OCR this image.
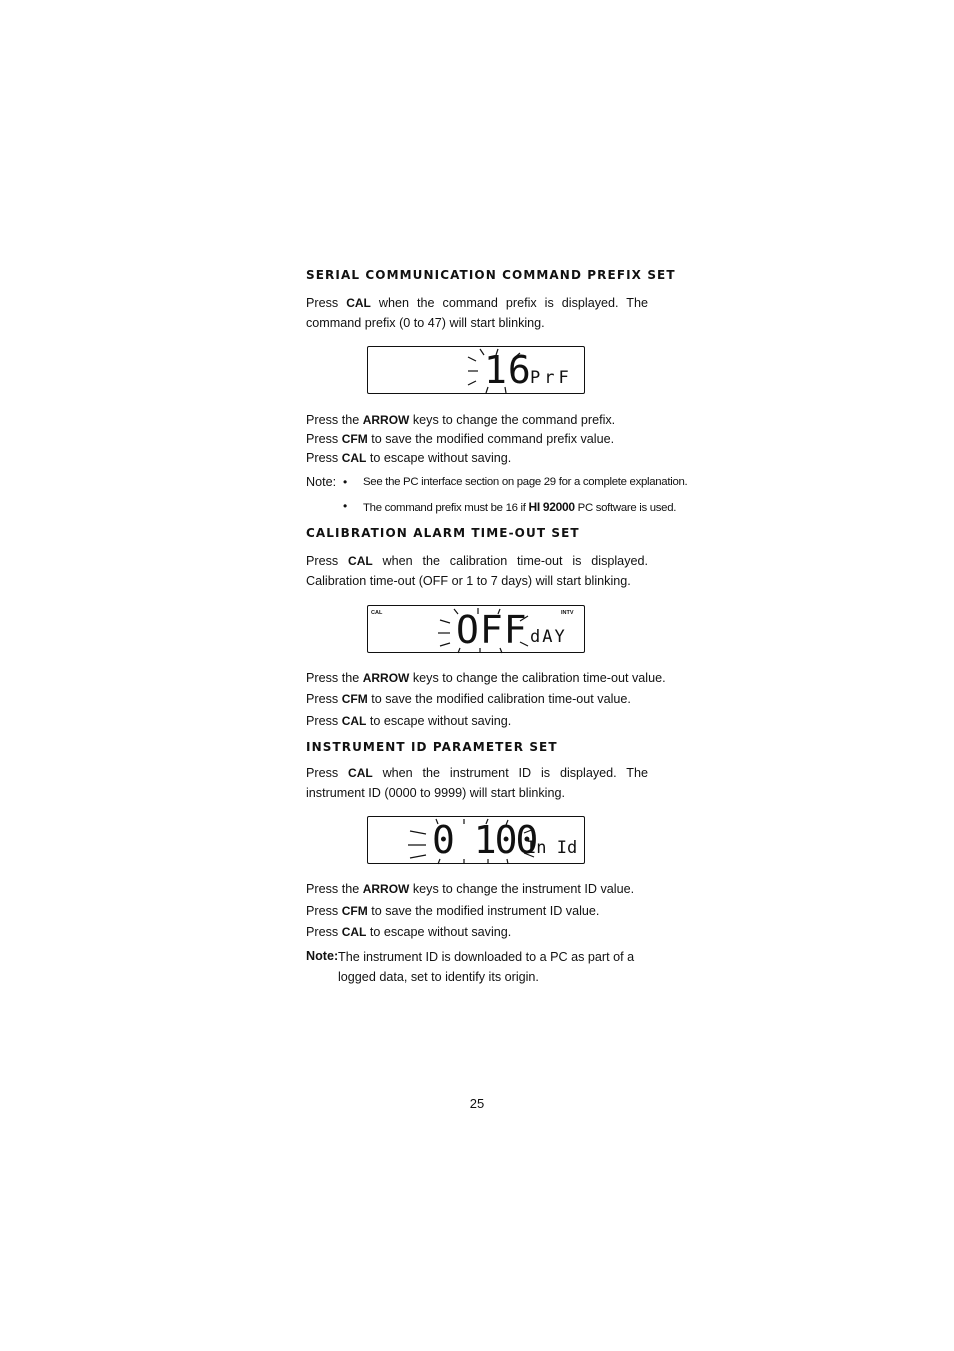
SERIAL COMMUNICATION COMMAND PREFIX SET
Press CAL when the command prefix is displayed. The command prefix (0 to 47) will start blinking.
16
PrF
Press the ARROW keys to change the command prefix.
Press CFM to save the modified command prefix value.
Press CAL to escape without saving.
Note: • See the PC interface section on page 29 for a complete explanation.
• The command prefix must be 16 if HI 92000 PC software is used.
CALIBRATION ALARM TIME-OUT SET
Press CAL when the calibration time-out is displayed. Calibration time-out (OFF or 1 to 7 days) will start blinking.
CAL	INTV
OFF dAY
Press the ARROW keys to change the calibration time-out value.
Press CFM to save the modified calibration time-out value.
Press CAL to escape without saving.
INSTRUMENT ID PARAMETER SET
Press CAL when the instrument ID is displayed. The instrument ID (0000 to 9999) will start blinking.
0 100
In Id
Press the ARROW keys to change the instrument ID value.
Press CFM to save the modified instrument ID value.
Press CAL to escape without saving.
Note: The instrument ID is downloaded to a PC as part of a logged data, set to identify its origin.
25
